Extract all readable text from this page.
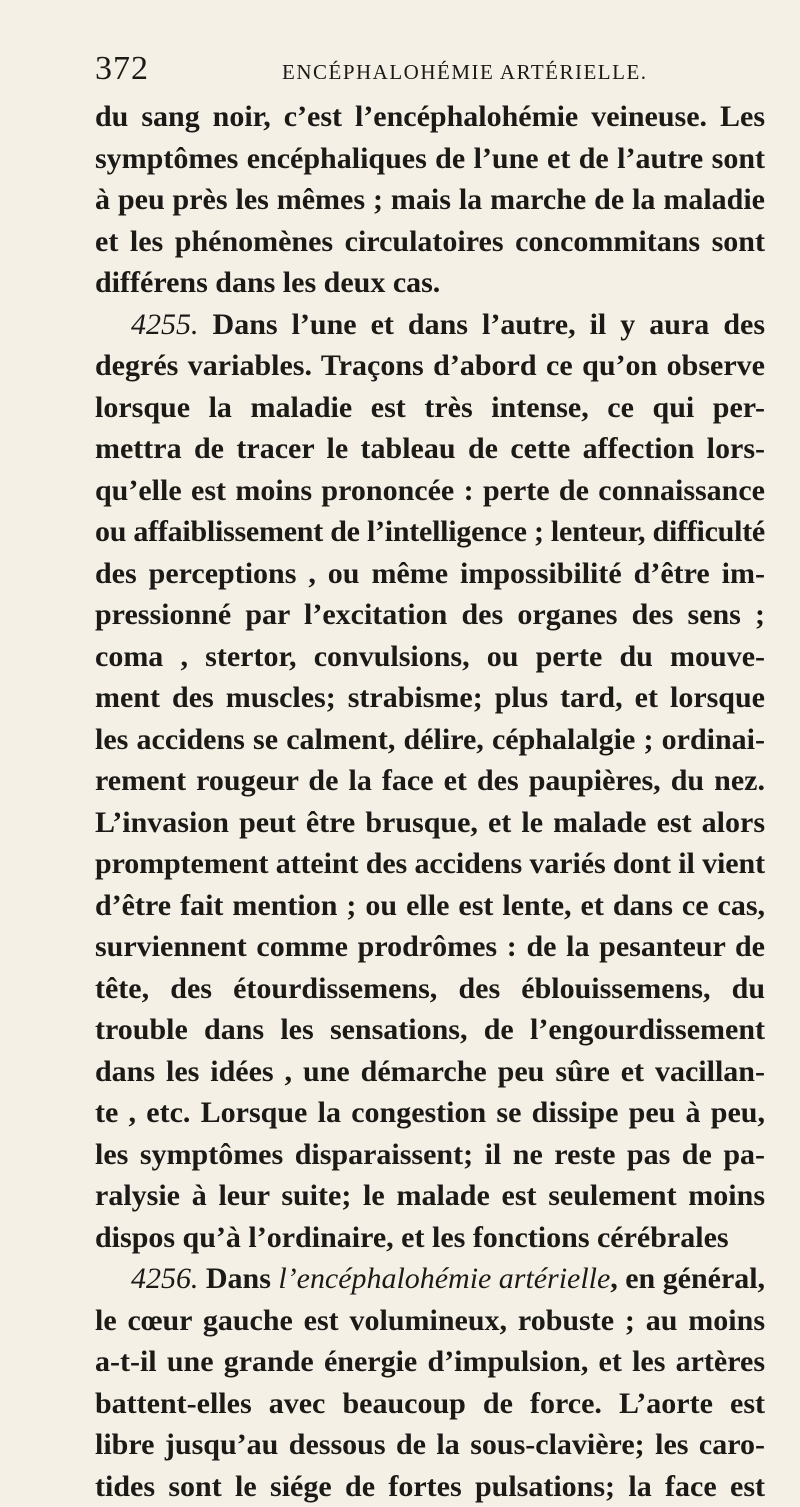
372	ENCÉPHALOHÉMIE ARTÉRIELLE.
du sang noir, c’est l’encéphalohémie veineuse. Les
symptômes encéphaliques de l’une et de l’autre sont
à peu près les mêmes ; mais la marche de la maladie
et les phénomènes circulatoires concommitans sont
différens dans les deux cas.
4255. Dans l’une et dans l’autre, il y aura des
degrés variables. Traçons d’abord ce qu’on observe
lorsque la maladie est très intense, ce qui per-
mettra de tracer le tableau de cette affection lors-
qu’elle est moins prononcée : perte de connaissance
ou affaiblissement de l’intelligence ; lenteur, difficulté
des perceptions , ou même impossibilité d’être im-
pressionné par l’excitation des organes des sens ;
coma , stertor, convulsions, ou perte du mouve-
ment des muscles; strabisme; plus tard, et lorsque
les accidens se calment, délire, céphalalgie ; ordinai-
rement rougeur de la face et des paupières, du nez.
L’invasion peut être brusque, et le malade est alors
promptement atteint des accidens variés dont il vient
d’être fait mention ; ou elle est lente, et dans ce cas,
surviennent comme prodrômes : de la pesanteur de
tête, des étourdissemens, des éblouissemens, du
trouble dans les sensations, de l’engourdissement
dans les idées , une démarche peu sûre et vacillan-
te , etc. Lorsque la congestion se dissipe peu à peu,
les symptômes disparaissent; il ne reste pas de pa-
ralysie à leur suite; le malade est seulement moins
dispos qu’à l’ordinaire, et les fonctions cérébrales
4256. Dans l’encéphalohémie artérielle, en général,
le cœur gauche est volumineux, robuste ; au moins
a-t-il une grande énergie d’impulsion, et les artères
battent-elles avec beaucoup de force. L’aorte est
libre jusqu’au dessous de la sous-clavière; les caro-
tides sont le siége de fortes pulsations; la face est
